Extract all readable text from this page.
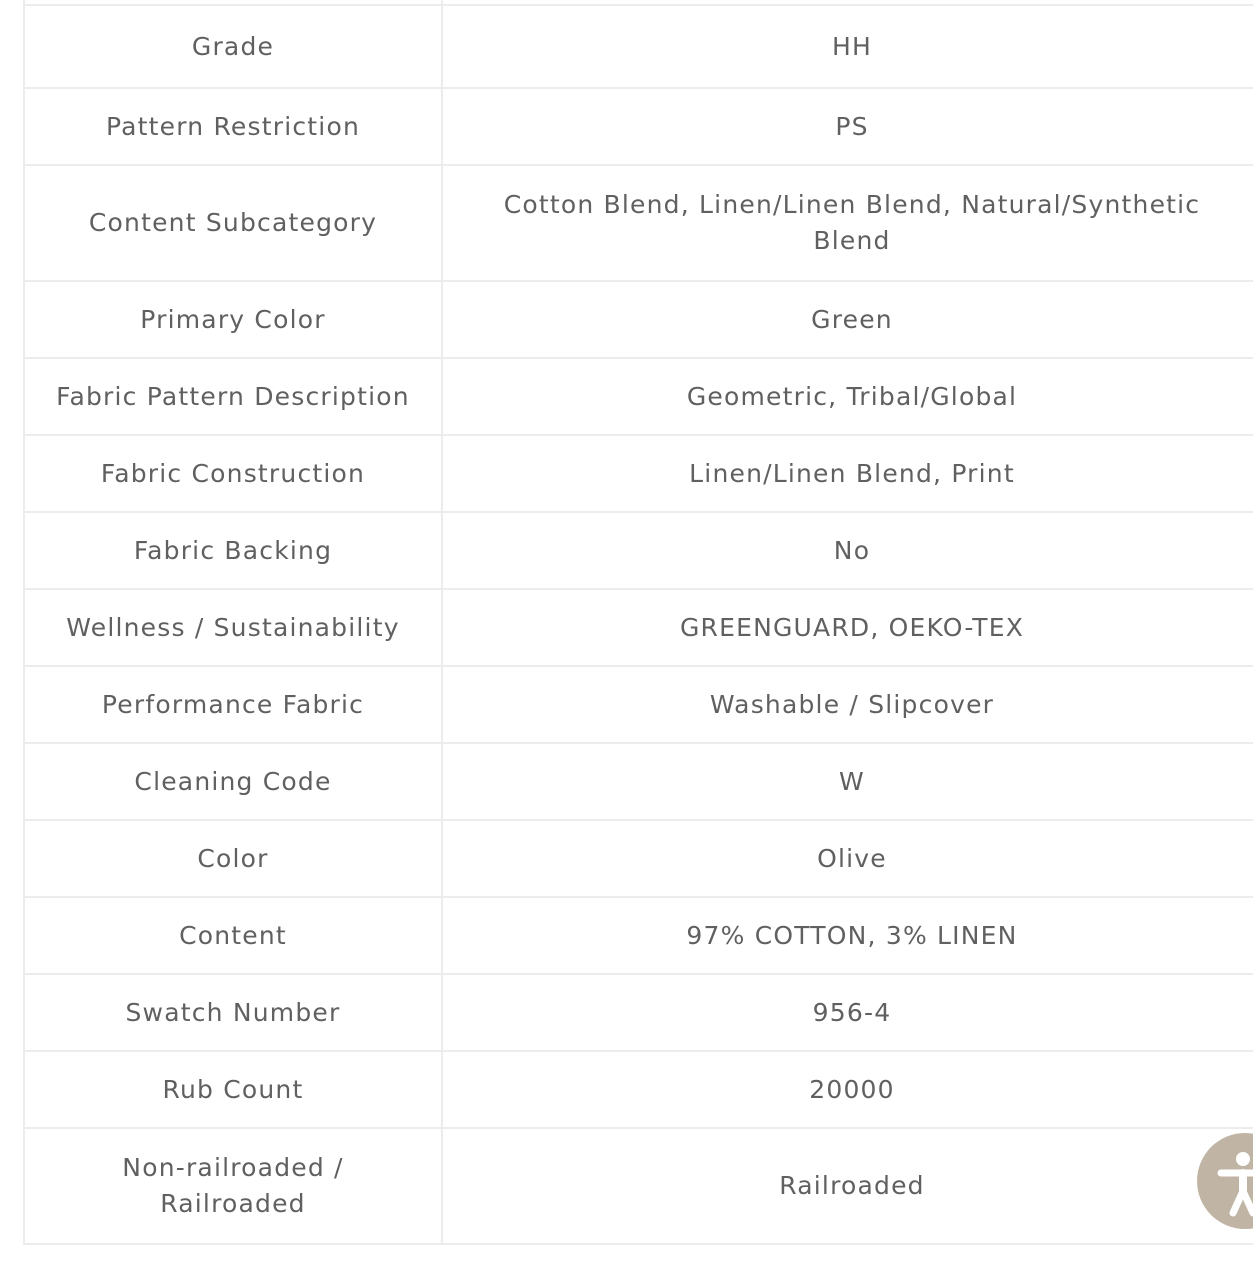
Grade	HH
Pattern Restriction	PS
Content Subcategory	Cotton Blend, Linen/Linen Blend, Natural/Synthetic Blend
Primary Color	Green
Fabric Pattern Description	Geometric, Tribal/Global
Fabric Construction	Linen/Linen Blend, Print
Fabric Backing	No
Wellness / Sustainability	GREENGUARD, OEKO-TEX
Performance Fabric	Washable / Slipcover
Cleaning Code	W
Color	Olive
Content	97% COTTON, 3% LINEN
Swatch Number	956-4
Rub Count	20000
Non-railroaded / Railroaded	Railroaded
